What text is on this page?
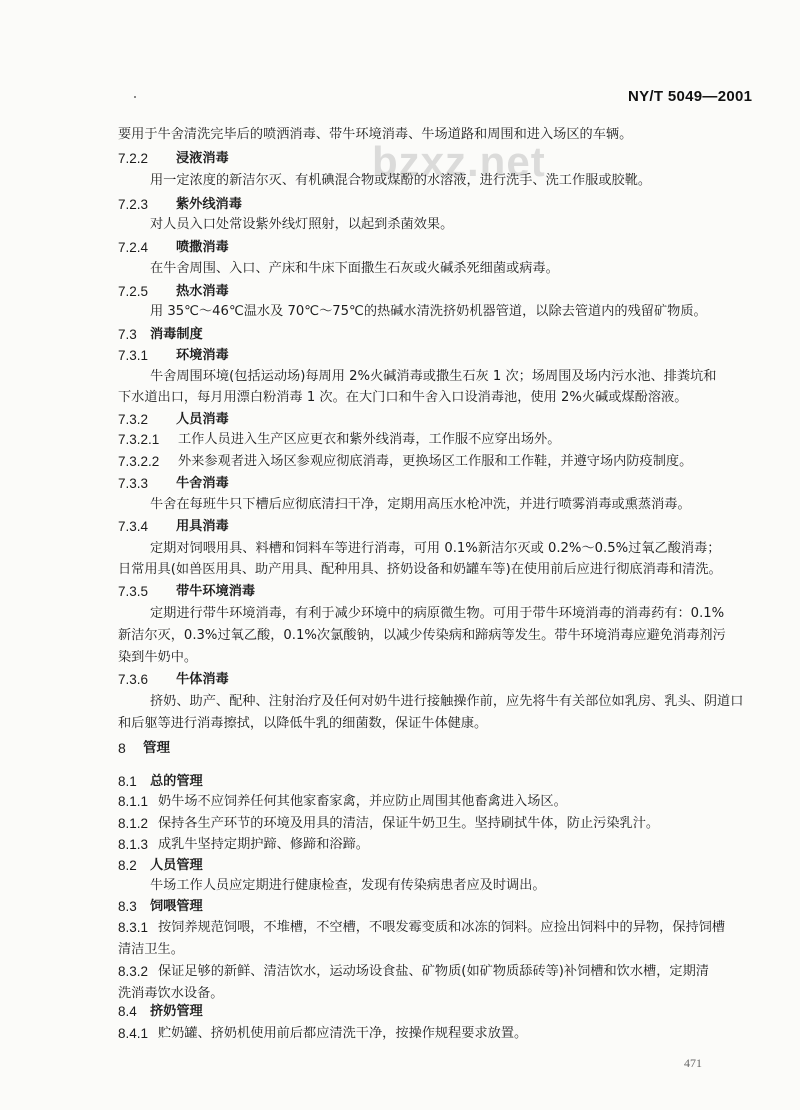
NY/T 5049—2001
bzxz.net
要用于牛舍清洗完毕后的喷洒消毒、带牛环境消毒、牛场道路和周围和进入场区的车辆。
7.2.2 浸液消毒
用一定浓度的新洁尔灭、有机碘混合物或煤酚的水溶液，进行洗手、洗工作服或胶靴。
7.2.3 紫外线消毒
对人员入口处常设紫外线灯照射，以起到杀菌效果。
7.2.4 喷撒消毒
在牛舍周围、入口、产床和牛床下面撒生石灰或火碱杀死细菌或病毒。
7.2.5 热水消毒
用 35℃～46℃温水及 70℃～75℃的热碱水清洗挤奶机器管道，以除去管道内的残留矿物质。
7.3 消毒制度
7.3.1 环境消毒
牛舍周围环境(包括运动场)每周用 2%火碱消毒或撒生石灰 1 次；场周围及场内污水池、排粪坑和
下水道出口，每月用漂白粉消毒 1 次。在大门口和牛舍入口设消毒池，使用 2%火碱或煤酚溶液。
7.3.2 人员消毒
7.3.2.1 工作人员进入生产区应更衣和紫外线消毒，工作服不应穿出场外。
7.3.2.2 外来参观者进入场区参观应彻底消毒，更换场区工作服和工作鞋，并遵守场内防疫制度。
7.3.3 牛舍消毒
牛舍在每班牛只下槽后应彻底清扫干净，定期用高压水枪冲洗，并进行喷雾消毒或熏蒸消毒。
7.3.4 用具消毒
定期对饲喂用具、料槽和饲料车等进行消毒，可用 0.1%新洁尔灭或 0.2%～0.5%过氧乙酸消毒；
日常用具(如兽医用具、助产用具、配种用具、挤奶设备和奶罐车等)在使用前后应进行彻底消毒和清洗。
7.3.5 带牛环境消毒
定期进行带牛环境消毒，有利于减少环境中的病原微生物。可用于带牛环境消毒的消毒药有：0.1%
新洁尔灭，0.3%过氧乙酸，0.1%次氯酸钠，以减少传染病和蹄病等发生。带牛环境消毒应避免消毒剂污
染到牛奶中。
7.3.6 牛体消毒
挤奶、助产、配种、注射治疗及任何对奶牛进行接触操作前，应先将牛有关部位如乳房、乳头、阴道口
和后躯等进行消毒擦拭，以降低牛乳的细菌数，保证牛体健康。
8 管理
8.1 总的管理
8.1.1 奶牛场不应饲养任何其他家畜家禽，并应防止周围其他畜禽进入场区。
8.1.2 保持各生产环节的环境及用具的清洁，保证牛奶卫生。坚持刷拭牛体，防止污染乳汁。
8.1.3 成乳牛坚持定期护蹄、修蹄和浴蹄。
8.2 人员管理
牛场工作人员应定期进行健康检查，发现有传染病患者应及时调出。
8.3 饲喂管理
8.3.1 按饲养规范饲喂，不堆槽，不空槽，不喂发霉变质和冰冻的饲料。应捡出饲料中的异物，保持饲槽
清洁卫生。
8.3.2 保证足够的新鲜、清洁饮水，运动场设食盐、矿物质(如矿物质舔砖等)补饲槽和饮水槽，定期清
洗消毒饮水设备。
8.4 挤奶管理
8.4.1 贮奶罐、挤奶机使用前后都应清洗干净，按操作规程要求放置。
471
